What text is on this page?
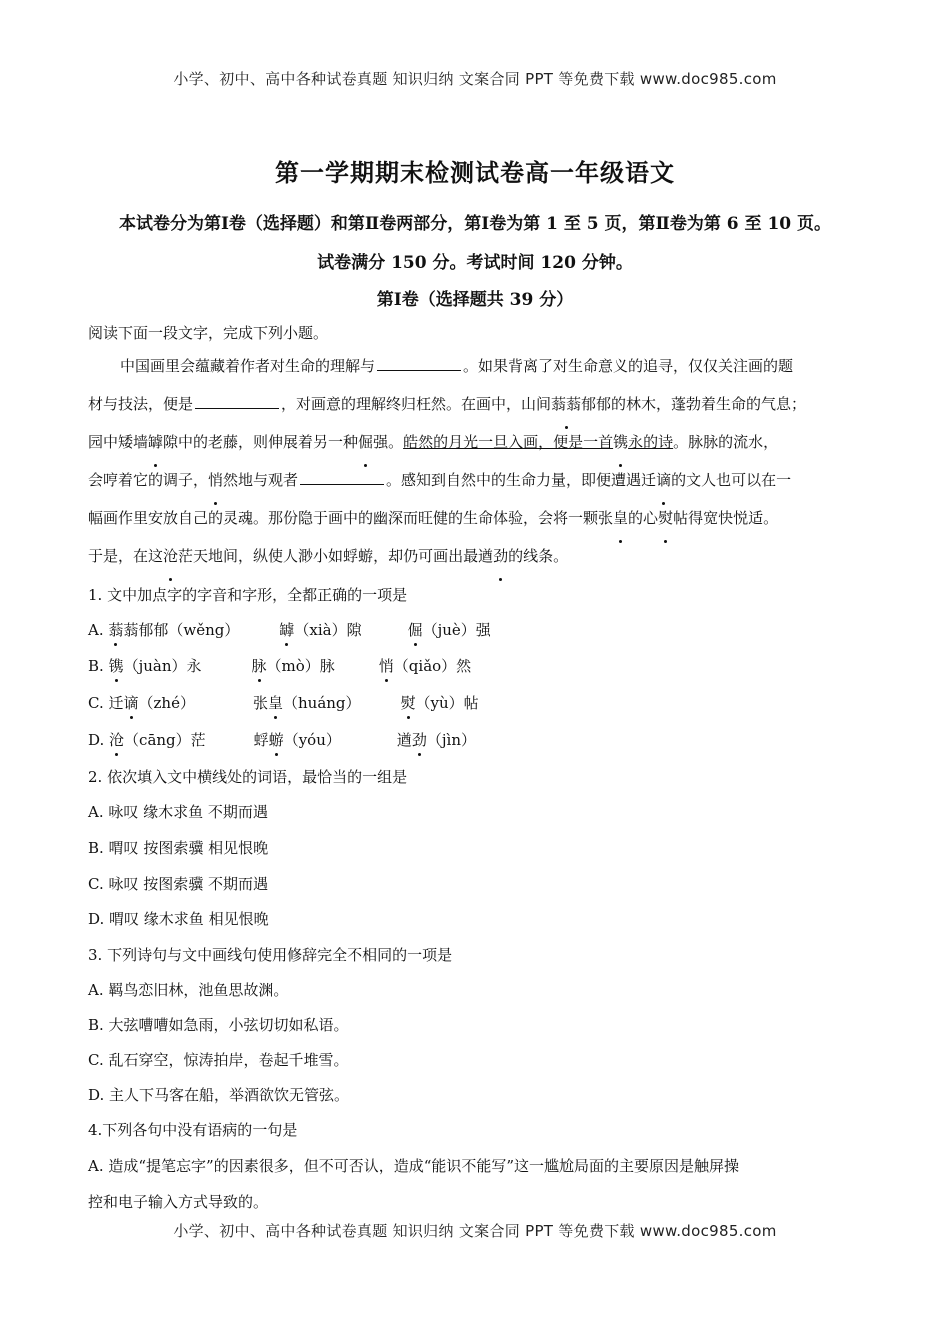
小学、初中、高中各种试卷真题 知识归纳 文案合同 PPT 等免费下载 www.doc985.com
第一学期期末检测试卷高一年级语文
本试卷分为第Ⅰ卷（选择题）和第Ⅱ卷两部分，第Ⅰ卷为第 1 至 5 页，第Ⅱ卷为第 6 至 10 页。
试卷满分 150 分。考试时间 120 分钟。
第Ⅰ卷（选择题共 39 分）
阅读下面一段文字，完成下列小题。

中国画里会蕴藏着作者对生命的理解与	。如果背离了对生命意义的追寻，仅仅关注画的题

材与技法，便是	，对画意的理解终归枉然。在画中，山间蓊蓊郁郁的林木，蓬勃着生命的气息；

园中矮墙罅隙中的老藤，则伸展着另一种倔强。皓然的月光一旦入画，便是一首镌永的诗。脉脉的流水，

会哼着它的调子，悄然地与观者	。感知到自然中的生命力量，即便遭遇迁谪的文人也可以在一

幅画作里安放自己的灵魂。那份隐于画中的幽深而旺健的生命体验，会将一颗张皇的心熨帖得宽快悦适。

于是，在这沧茫天地间，纵使人渺小如蜉蝣，却仍可画出最遒劲的线条。

1. 文中加点字的字音和字形，全都正确的一项是
A. 蓊蓊郁郁（wěng）	罅（xià）隙	倔（juè）强
B. 镌（juàn）永	脉（mò）脉	悄（qiǎo）然
C. 迁谪（zhé）	张皇（huáng）	熨（yù）帖
D. 沧（cāng）茫	蜉蝣（yóu）	遒劲（jìn）
2. 依次填入文中横线处的词语，最恰当的一组是
A. 咏叹 缘木求鱼 不期而遇
B. 喟叹 按图索骥 相见恨晚
C. 咏叹 按图索骥 不期而遇
D. 喟叹 缘木求鱼 相见恨晚
3. 下列诗句与文中画线句使用修辞完全不相同的一项是
A. 羁鸟恋旧林，池鱼思故渊。
B. 大弦嘈嘈如急雨，小弦切切如私语。
C. 乱石穿空，惊涛拍岸，卷起千堆雪。
D. 主人下马客在船，举酒欲饮无管弦。
4.下列各句中没有语病的一句是
A. 造成“提笔忘字”的因素很多，但不可否认，造成“能识不能写”这一尴尬局面的主要原因是触屏操
控和电子输入方式导致的。
小学、初中、高中各种试卷真题 知识归纳 文案合同 PPT 等免费下载 www.doc985.com
